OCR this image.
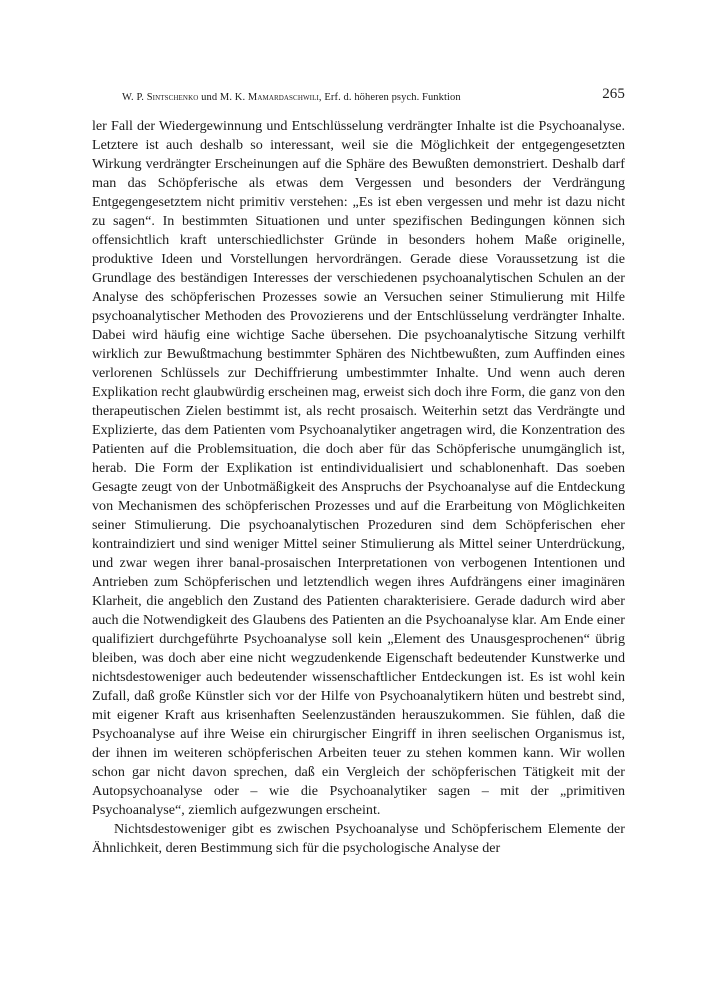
W. P. Sintschenko und M. K. Mamardaschwili, Erf. d. höheren psych. Funktion	265

ler Fall der Wiedergewinnung und Entschlüsselung verdrängter Inhalte ist die Psychoanalyse. Letztere ist auch deshalb so interessant, weil sie die Möglichkeit der entgegengesetzten Wirkung verdrängter Erscheinungen auf die Sphäre des Bewußten demonstriert. Deshalb darf man das Schöpferische als etwas dem Vergessen und besonders der Verdrängung Entgegengesetztem nicht primitiv verstehen: „Es ist eben vergessen und mehr ist dazu nicht zu sagen“. In bestimmten Situationen und unter spezifischen Bedingungen können sich offensichtlich kraft unterschiedlichster Gründe in besonders hohem Maße originelle, produktive Ideen und Vorstellungen hervordrängen. Gerade diese Voraussetzung ist die Grundlage des beständigen Interesses der verschiedenen psychoanalytischen Schulen an der Analyse des schöpferischen Prozesses sowie an Versuchen seiner Stimulierung mit Hilfe psychoanalytischer Methoden des Provozierens und der Entschlüsselung verdrängter Inhalte. Dabei wird häufig eine wichtige Sache übersehen. Die psychoanalytische Sitzung verhilft wirklich zur Bewußtmachung bestimmter Sphären des Nichtbewußten, zum Auffinden eines verlorenen Schlüssels zur Dechiffrierung umbestimmter Inhalte. Und wenn auch deren Explikation recht glaubwürdig erscheinen mag, erweist sich doch ihre Form, die ganz von den therapeutischen Zielen bestimmt ist, als recht prosaisch. Weiterhin setzt das Verdrängte und Explizierte, das dem Patienten vom Psychoanalytiker angetragen wird, die Konzentration des Patienten auf die Problemsituation, die doch aber für das Schöpferische unumgänglich ist, herab. Die Form der Explikation ist entindividualisiert und schablonenhaft. Das soeben Gesagte zeugt von der Unbotmäßigkeit des Anspruchs der Psychoanalyse auf die Entdeckung von Mechanismen des schöpferischen Prozesses und auf die Erarbeitung von Möglichkeiten seiner Stimulierung. Die psychoanalytischen Prozeduren sind dem Schöpferischen eher kontraindiziert und sind weniger Mittel seiner Stimulierung als Mittel seiner Unterdrückung, und zwar wegen ihrer banal-prosaischen Interpretationen von verbogenen Intentionen und Antrieben zum Schöpferischen und letztendlich wegen ihres Aufdrängens einer imaginären Klarheit, die angeblich den Zustand des Patienten charakterisiere. Gerade dadurch wird aber auch die Notwendigkeit des Glaubens des Patienten an die Psychoanalyse klar. Am Ende einer qualifiziert durchgeführte Psychoanalyse soll kein „Element des Unausgesprochenen“ übrig bleiben, was doch aber eine nicht wegzudenkende Eigenschaft bedeutender Kunstwerke und nichtsdestoweniger auch bedeutender wissenschaftlicher Entdeckungen ist. Es ist wohl kein Zufall, daß große Künstler sich vor der Hilfe von Psychoanalytikern hüten und bestrebt sind, mit eigener Kraft aus krisenhaften Seelenzuständen herauszukommen. Sie fühlen, daß die Psychoanalyse auf ihre Weise ein chirurgischer Eingriff in ihren seelischen Organismus ist, der ihnen im weiteren schöpferischen Arbeiten teuer zu stehen kommen kann. Wir wollen schon gar nicht davon sprechen, daß ein Vergleich der schöpferischen Tätigkeit mit der Autopsychoanalyse oder – wie die Psychoanalytiker sagen – mit der „primitiven Psychoanalyse“, ziemlich aufgezwungen erscheint.

Nichtsdestoweniger gibt es zwischen Psychoanalyse und Schöpferischem Elemente der Ähnlichkeit, deren Bestimmung sich für die psychologische Analyse der
